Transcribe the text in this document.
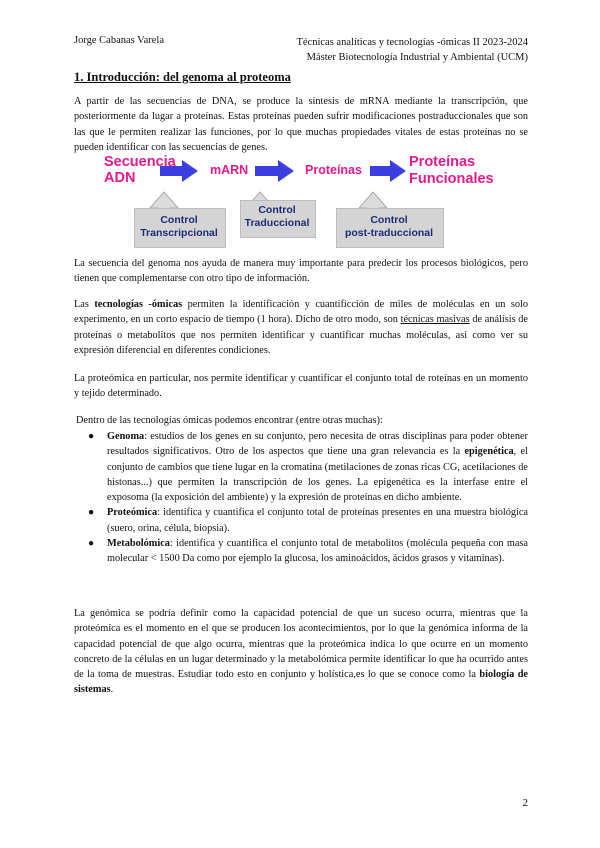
Jorge Cabanas Varela	Técnicas analíticas y tecnologías -ómicas II 2023-2024
Máster Biotecnología Industrial y Ambiental (UCM)
1. Introducción: del genoma al proteoma

A partir de las secuencias de DNA, se produce la síntesis de mRNA mediante la transcripción, que posteriormente da lugar a proteínas. Estas proteínas pueden sufrir modificaciones postraduccionales que son las que le permiten realizar las funciones, por lo que muchas propiedades vitales de estas proteínas no se pueden identificar con las secuencias de genes.

Secuencia
ADN	mARN	Proteínas	Proteínas
Funcionales
Control
Transcripcional
Control
Traduccional	Control
post-traduccional

La secuencia del genoma nos ayuda de manera muy importante para predecir los procesos biológicos, pero tienen que complementarse con otro tipo de información.

Las tecnologías -ómicas permiten la identificación y cuantificción de miles de moléculas en un solo experimento, en un corto espacio de tiempo (1 hora). Dicho de otro modo, son técnicas masivas de análisis de proteínas o metabolitos que nos permiten identificar y cuantificar muchas moléculas, así como ver su expresión diferencial en diferentes condiciones.

La proteómica en particular, nos permite identificar y cuantificar el conjunto total de roteínas en un momento y tejido determinado.

Dentro de las tecnologías ómicas podemos encontrar (entre otras muchas):
● Genoma: estudios de los genes en su conjunto, pero necesita de otras disciplinas para poder obtener resultados significativos. Otro de los aspectos que tiene una gran relevancia es la epigenética, el conjunto de cambios que tiene lugar en la cromatina (metilaciones de zonas ricas CG, acetilaciones de histonas...) que permiten la transcripción de los genes. La epigenética es la interfase entre el exposoma (la exposición del ambiente) y la expresión de proteínas en dicho ambiente.
● Proteómica: identifica y cuantifica el conjunto total de proteínas presentes en una muestra biológica (suero, orina, célula, biopsia).
● Metabolómica: identifica y cuantifica el conjunto total de metabolitos (molécula pequeña con masa molecular < 1500 Da como por ejemplo la glucosa, los aminoácidos, ácidos grasos y vitaminas).

La genómica se podría definir como la capacidad potencial de que un suceso ocurra, mientras que la proteómica es el momento en el que se producen los acontecimientos, por lo que la genómica informa de la capacidad potencial de que algo ocurra, mientras que la proteómica indica lo que ocurre en un momento concreto de la células en un lugar determinado y la metabolómica permite identificar lo que ha ocurrido antes de la toma de muestras. Estudiar todo esto en conjunto y holística,es lo que se conoce como la biología de sistemas.

2
